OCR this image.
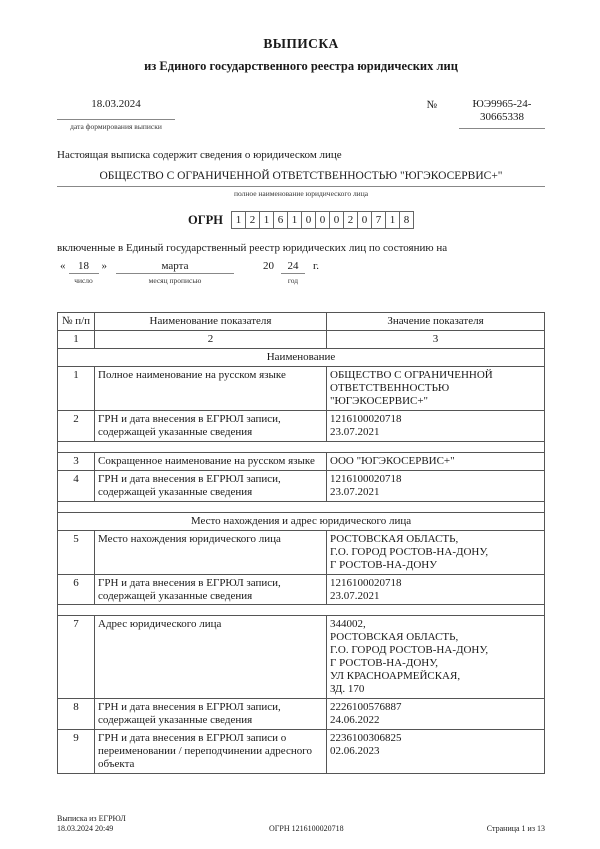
ВЫПИСКА
из Единого государственного реестра юридических лиц
18.03.2024
дата формирования выписки
№	ЮЭ9965-24-30665338
Настоящая выписка содержит сведения о юридическом лице
ОБЩЕСТВО С ОГРАНИЧЕННОЙ ОТВЕТСТВЕННОСТЬЮ "ЮГЭКОСЕРВИС+"
полное наименование юридического лица
ОГРН	1 2 1 6 1 0 0 0 2 0 7 1 8
включенные в Единый государственный реестр юридических лиц по состоянию на
«	18
число
»	марта
месяц прописью
20	24
год
г.
№ п/п	Наименование показателя	Значение показателя
1	2	3
Наименование		
1	Полное наименование на русском языке	ОБЩЕСТВО С ОГРАНИЧЕННОЙ
ОТВЕТСТВЕННОСТЬЮ
"ЮГЭКОСЕРВИС+"

2	ГРН и дата внесения в ЕГРЮЛ записи, содержащей указанные сведения	1216100020718
23.07.2021

3	Сокращенное наименование на русском языке	ООО "ЮГЭКОСЕРВИС+"

4	ГРН и дата внесения в ЕГРЮЛ записи, содержащей указанные сведения	1216100020718
23.07.2021

Место нахождения и адрес юридического лица		
5	Место нахождения юридического лица	РОСТОВСКАЯ ОБЛАСТЬ,
Г.О. ГОРОД РОСТОВ-НА-ДОНУ,
Г РОСТОВ-НА-ДОНУ

6	ГРН и дата внесения в ЕГРЮЛ записи, содержащей указанные сведения	1216100020718
23.07.2021

7	Адрес юридического лица	344002,
РОСТОВСКАЯ ОБЛАСТЬ,
Г.О. ГОРОД РОСТОВ-НА-ДОНУ,
Г РОСТОВ-НА-ДОНУ,
УЛ КРАСНОАРМЕЙСКАЯ,
ЗД. 170

8	ГРН и дата внесения в ЕГРЮЛ записи, содержащей указанные сведения	2226100576887
24.06.2022

9	ГРН и дата внесения в ЕГРЮЛ записи о переименовании / переподчинении адресного объекта	2236100306825
02.06.2023
Выписка из ЕГРЮЛ
18.03.2024 20:49	ОГРН 1216100020718	Страница 1 из 13
